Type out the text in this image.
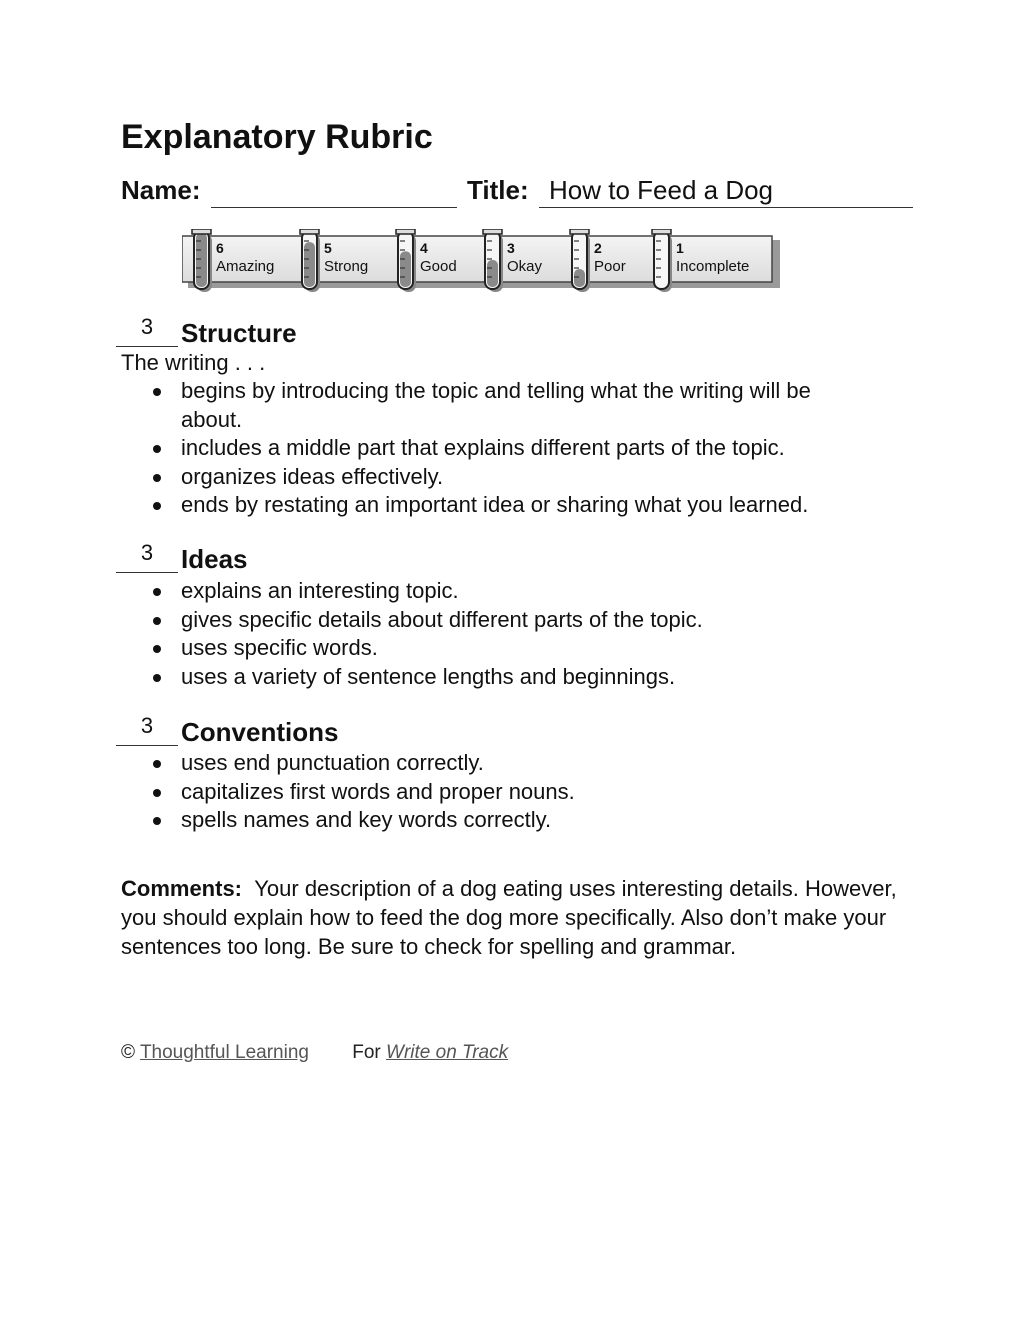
Explanatory Rubric
Name:	Title: How to Feed a Dog
6
Amazing
5
Strong
4
Good
3
Okay
2
Poor
1
Incomplete
3	Structure
The writing . . .
begins by introducing the topic and telling what the writing will be about.
includes a middle part that explains different parts of the topic.
organizes ideas effectively.
ends by restating an important idea or sharing what you learned.
3	Ideas
explains an interesting topic.
gives specific details about different parts of the topic.
uses specific words.
uses a variety of sentence lengths and beginnings.
3	Conventions
uses end punctuation correctly.
capitalizes first words and proper nouns.
spells names and key words correctly.

Comments: Your description of a dog eating uses interesting details. However, you should explain how to feed the dog more specifically. Also don’t make your sentences too long. Be sure to check for spelling and grammar.

© Thoughtful Learning For Write on Track
